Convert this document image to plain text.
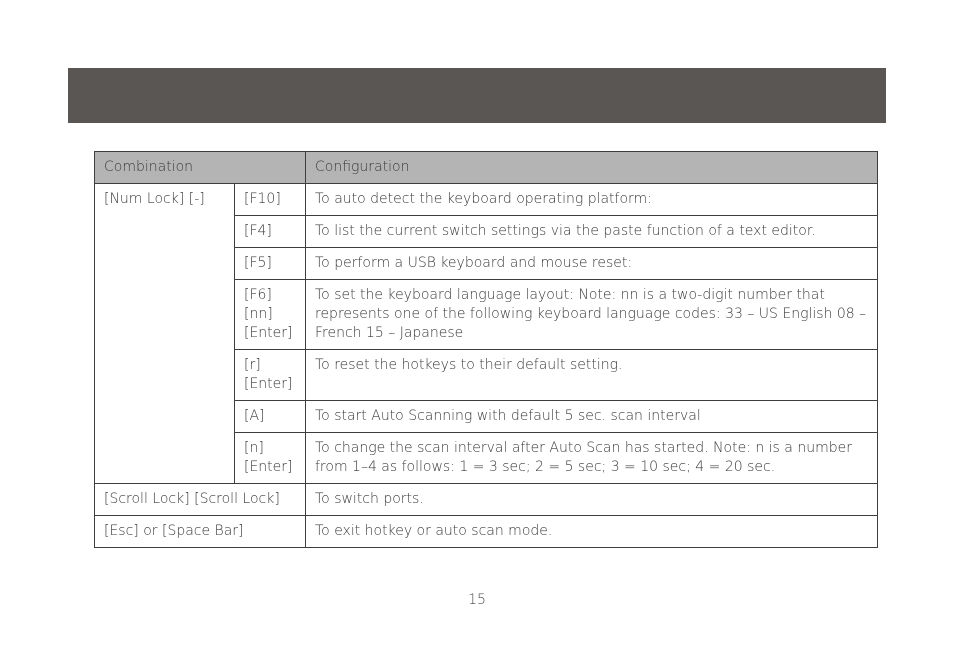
Combination		Configuration
[Num Lock] [-]	[F10]	To auto detect the keyboard operating platform:
	[F4]	To list the current switch settings via the paste function of a text editor.
	[F5]	To perform a USB keyboard and mouse reset:
	[F6]
[nn]
[Enter]	To set the keyboard language layout: Note: nn is a two-digit number that represents one of the following keyboard language codes: 33 – US English 08 – French 15 – Japanese
	[r]
[Enter]	To reset the hotkeys to their default setting.
	[A]	To start Auto Scanning with default 5 sec. scan interval
	[n]
[Enter]	To change the scan interval after Auto Scan has started. Note: n is a number from 1–4 as follows: 1 = 3 sec; 2 = 5 sec; 3 = 10 sec; 4 = 20 sec.
[Scroll Lock] [Scroll Lock]		To switch ports.
[Esc] or [Space Bar]		To exit hotkey or auto scan mode.
15
